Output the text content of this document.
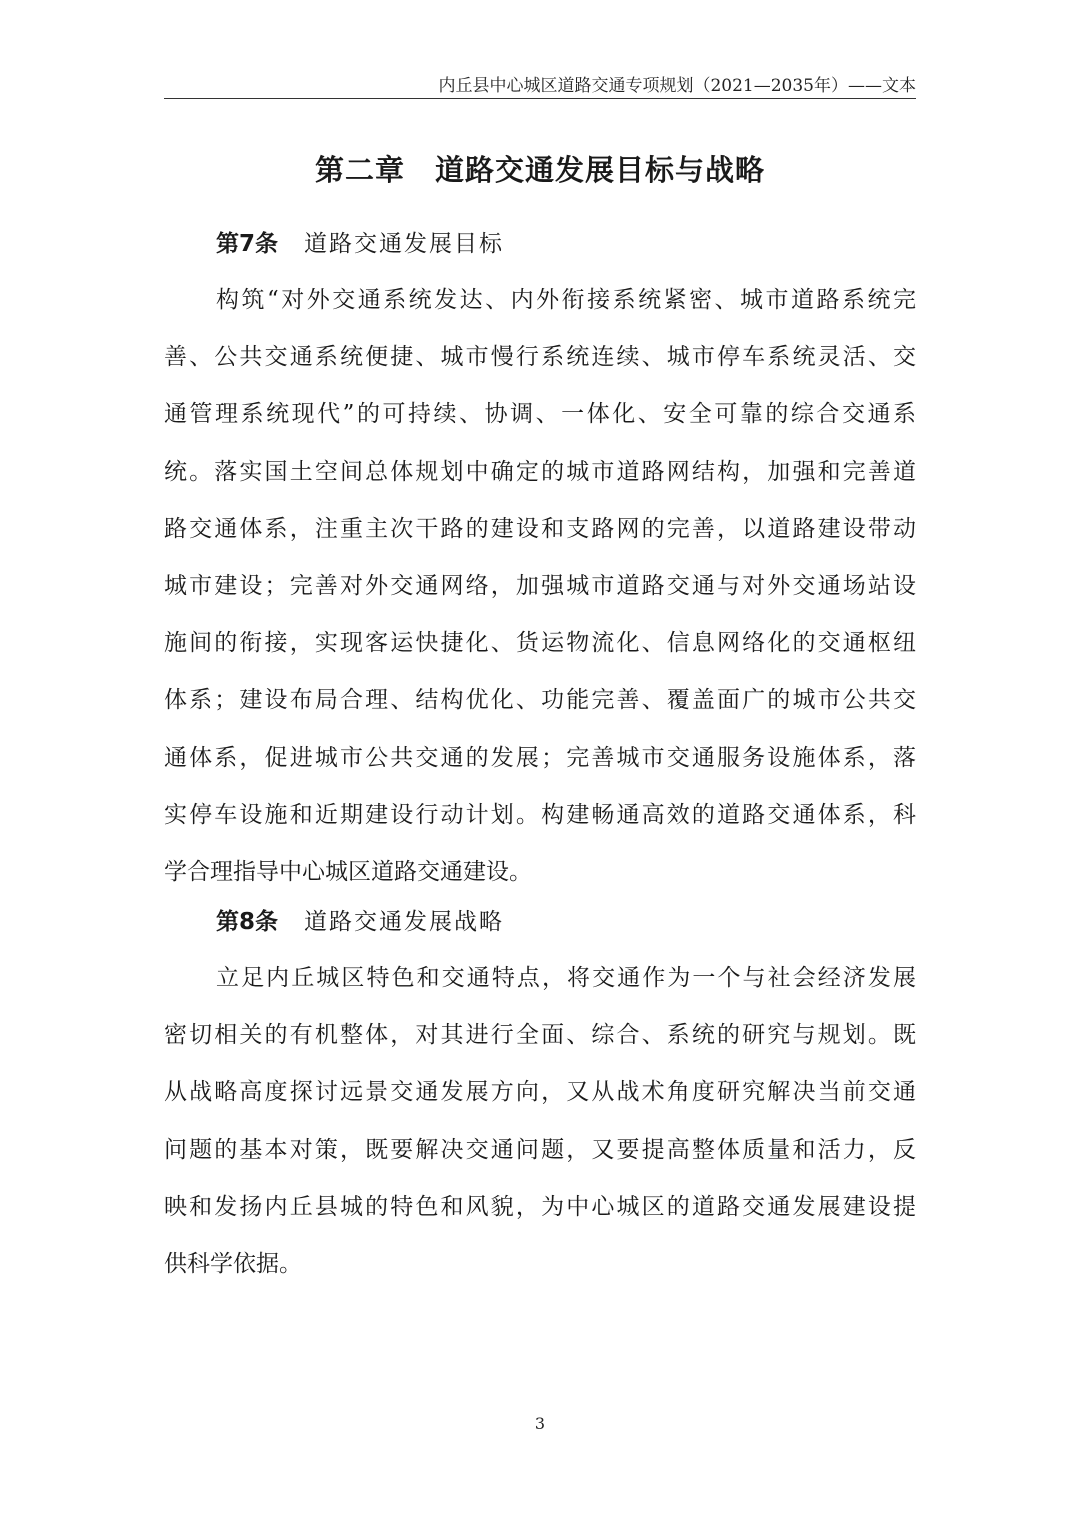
内丘县中心城区道路交通专项规划（2021—2035年）——文本
第二章　道路交通发展目标与战略
第7条 道路交通发展目标
构筑“对外交通系统发达、内外衔接系统紧密、城市道路系统完
善、公共交通系统便捷、城市慢行系统连续、城市停车系统灵活、交
通管理系统现代”的可持续、协调、一体化、安全可靠的综合交通系
统。落实国土空间总体规划中确定的城市道路网结构，加强和完善道
路交通体系，注重主次干路的建设和支路网的完善，以道路建设带动
城市建设；完善对外交通网络，加强城市道路交通与对外交通场站设
施间的衔接，实现客运快捷化、货运物流化、信息网络化的交通枢纽
体系；建设布局合理、结构优化、功能完善、覆盖面广的城市公共交
通体系，促进城市公共交通的发展；完善城市交通服务设施体系，落
实停车设施和近期建设行动计划。构建畅通高效的道路交通体系，科
学合理指导中心城区道路交通建设。
第8条 道路交通发展战略
立足内丘城区特色和交通特点，将交通作为一个与社会经济发展
密切相关的有机整体，对其进行全面、综合、系统的研究与规划。既
从战略高度探讨远景交通发展方向，又从战术角度研究解决当前交通
问题的基本对策，既要解决交通问题，又要提高整体质量和活力，反
映和发扬内丘县城的特色和风貌，为中心城区的道路交通发展建设提
供科学依据。
3
